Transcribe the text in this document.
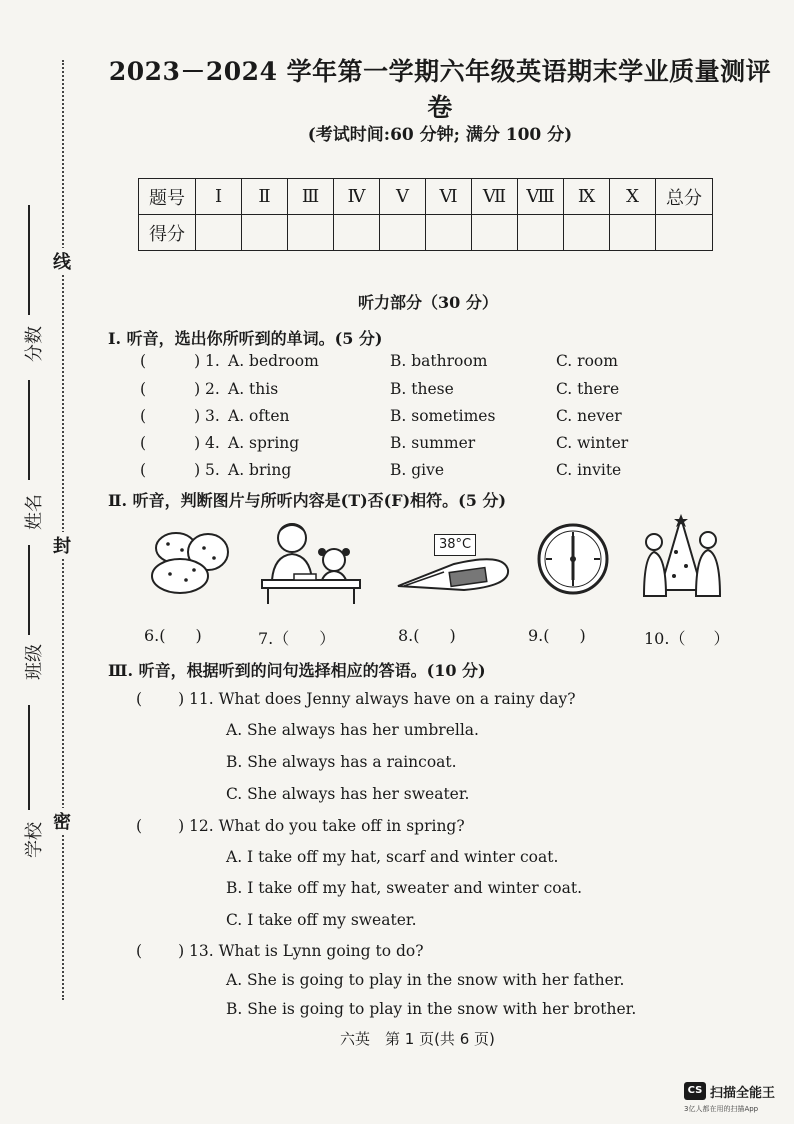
线
封
密
分数
姓名
班级
学校
2023－2024 学年第一学期六年级英语期末学业质量测评卷
(考试时间:60 分钟; 满分 100 分)
题号	Ⅰ	Ⅱ	Ⅲ	Ⅳ	Ⅴ	Ⅵ	Ⅶ	Ⅷ	Ⅸ	Ⅹ	总分
得分											
听力部分（30 分）
Ⅰ. 听音，选出你所听到的单词。(5 分)
(	) 1. A. bedroom	B. bathroom	C. room
(	) 2. A. this	B. these	C. there
(	) 3. A. often	B. sometimes	C. never
(	) 4. A. spring	B. summer	C. winter
(	) 5. A. bring	B. give	C. invite
Ⅱ. 听音，判断图片与所听内容是(T)否(F)相符。(5 分)
38°C
6.( )	7.（ ）	8.( )	9.( )	10.（ ）
Ⅲ. 听音，根据听到的问句选择相应的答语。(10 分)
( ) 11. What does Jenny always have on a rainy day?
A. She always has her umbrella.
B. She always has a raincoat.
C. She always has her sweater.
( ) 12. What do you take off in spring?
A. I take off my hat, scarf and winter coat.
B. I take off my hat, sweater and winter coat.
C. I take off my sweater.
( ) 13. What is Lynn going to do?
A. She is going to play in the snow with her father.
B. She is going to play in the snow with her brother.
六英　第 1 页(共 6 页)
CS 扫描全能王
3亿人都在用的扫描App
